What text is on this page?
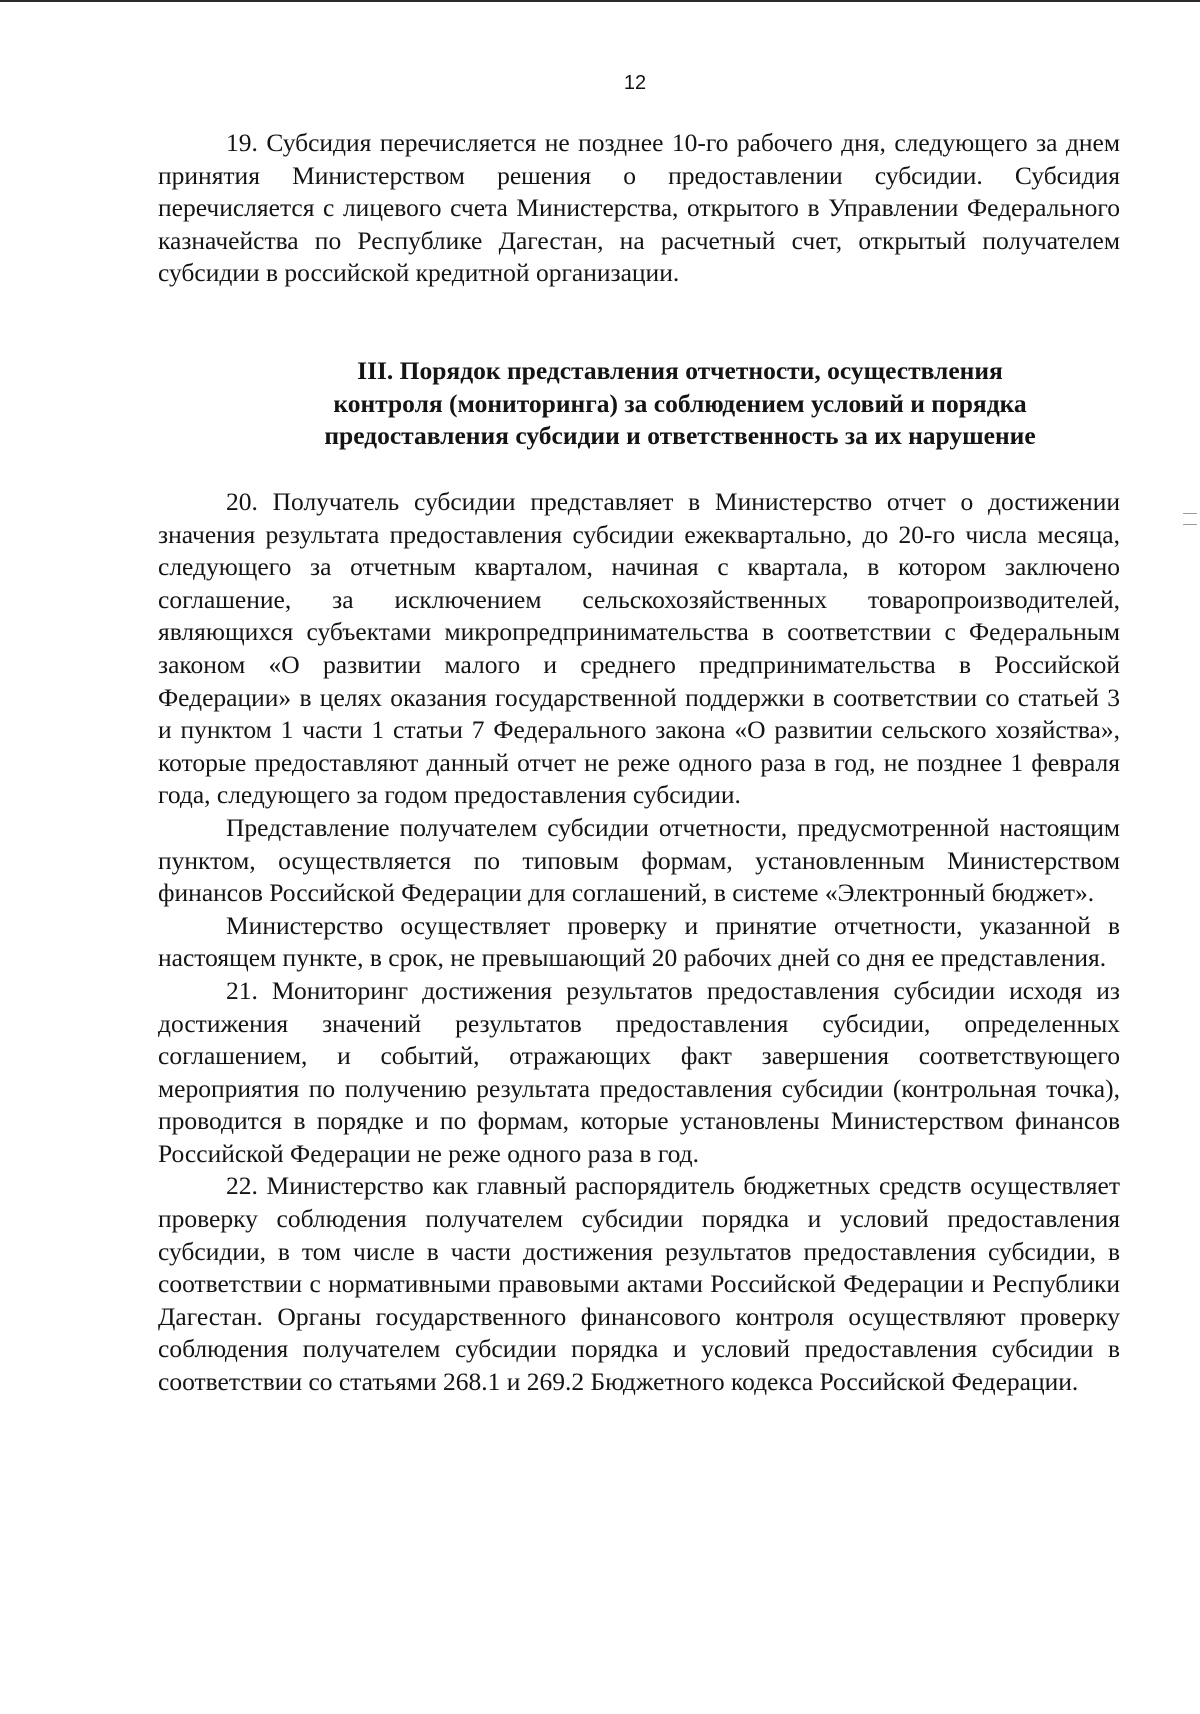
12

19. Субсидия перечисляется не позднее 10-го рабочего дня, следующего за днем принятия Министерством решения о предоставлении субсидии. Субсидия перечисляется с лицевого счета Министерства, открытого в Управлении Федерального казначейства по Республике Дагестан, на расчетный счет, открытый получателем субсидии в российской кредитной организации.

III. Порядок представления отчетности, осуществления
контроля (мониторинга) за соблюдением условий и порядка
предоставления субсидии и ответственность за их нарушение

20. Получатель субсидии представляет в Министерство отчет о достижении значения результата предоставления субсидии ежеквартально, до 20-го числа месяца, следующего за отчетным кварталом, начиная с квартала, в котором заключено соглашение, за исключением сельскохозяйственных товаропроизводителей, являющихся субъектами микропредпринимательства в соответствии с Федеральным законом «О развитии малого и среднего предпринимательства в Российской Федерации» в целях оказания государственной поддержки в соответствии со статьей 3 и пунктом 1 части 1 статьи 7 Федерального закона «О развитии сельского хозяйства», которые предоставляют данный отчет не реже одного раза в год, не позднее 1 февраля года, следующего за годом предоставления субсидии.

Представление получателем субсидии отчетности, предусмотренной настоящим пунктом, осуществляется по типовым формам, установленным Министерством финансов Российской Федерации для соглашений, в системе «Электронный бюджет».

Министерство осуществляет проверку и принятие отчетности, указанной в настоящем пункте, в срок, не превышающий 20 рабочих дней со дня ее представления.

21. Мониторинг достижения результатов предоставления субсидии исходя из достижения значений результатов предоставления субсидии, определенных соглашением, и событий, отражающих факт завершения соответствующего мероприятия по получению результата предоставления субсидии (контрольная точка), проводится в порядке и по формам, которые установлены Министерством финансов Российской Федерации не реже одного раза в год.

22. Министерство как главный распорядитель бюджетных средств осуществляет проверку соблюдения получателем субсидии порядка и условий предоставления субсидии, в том числе в части достижения результатов предоставления субсидии, в соответствии с нормативными правовыми актами Российской Федерации и Республики Дагестан. Органы государственного финансового контроля осуществляют проверку соблюдения получателем субсидии порядка и условий предоставления субсидии в соответствии со статьями 268.1 и 269.2 Бюджетного кодекса Российской Федерации.
